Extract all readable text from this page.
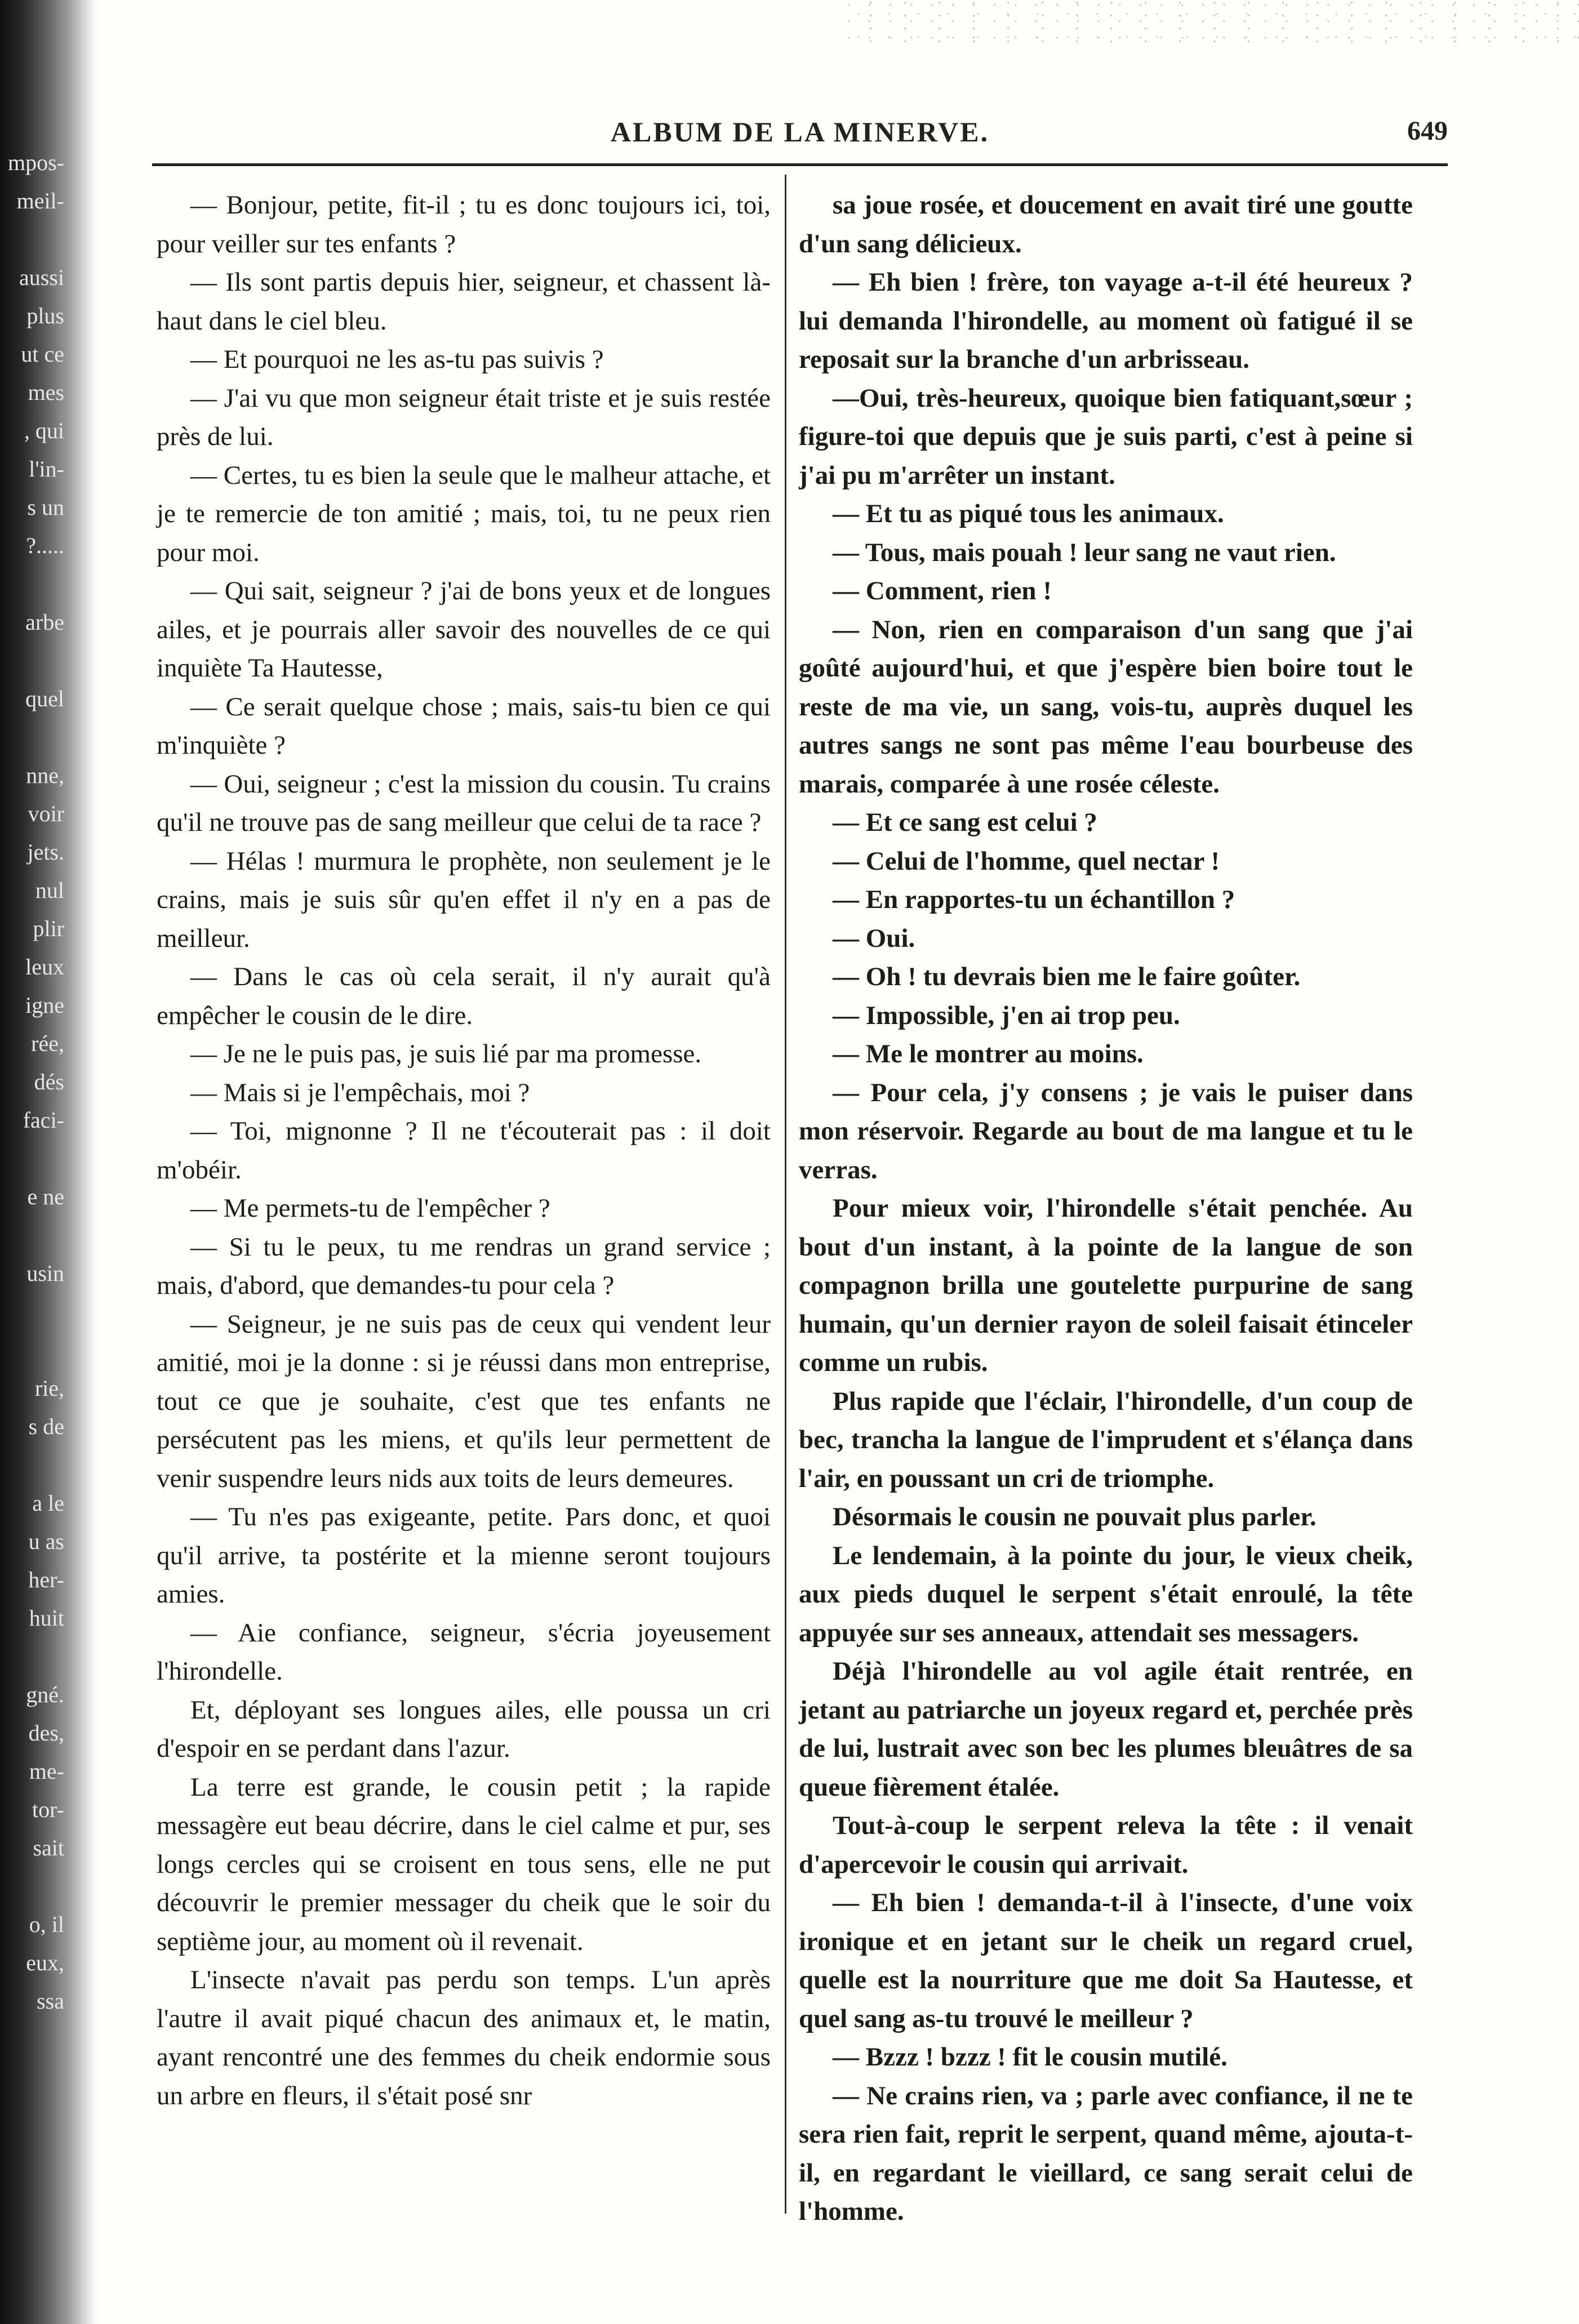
mpos-
meil-
aussi
plus
ut ce
mes
, qui
l'in-
s un
?.....
arbe
quel
nne,
voir
jets.
nul
plir
leux
igne
rée,
dés
faci-
e ne
usin
rie,
s de
a le
u as
her-
huit
gné.
des,
me-
tor-
sait
o, il
eux,
ssa
ALBUM DE LA MINERVE.	649

— Bonjour, petite, fit-il ; tu es donc toujours ici, toi, pour veiller sur tes enfants ?

— Ils sont partis depuis hier, seigneur, et chassent là-haut dans le ciel bleu.

— Et pourquoi ne les as-tu pas suivis ?

— J'ai vu que mon seigneur était triste et je suis restée près de lui.

— Certes, tu es bien la seule que le malheur attache, et je te remercie de ton amitié ; mais, toi, tu ne peux rien pour moi.

— Qui sait, seigneur ? j'ai de bons yeux et de longues ailes, et je pourrais aller savoir des nouvelles de ce qui inquiète Ta Hautesse,

— Ce serait quelque chose ; mais, sais-tu bien ce qui m'inquiète ?

— Oui, seigneur ; c'est la mission du cousin. Tu crains qu'il ne trouve pas de sang meilleur que celui de ta race ?

— Hélas ! murmura le prophète, non seulement je le crains, mais je suis sûr qu'en effet il n'y en a pas de meilleur.

— Dans le cas où cela serait, il n'y aurait qu'à empêcher le cousin de le dire.

— Je ne le puis pas, je suis lié par ma promesse.

— Mais si je l'empêchais, moi ?

— Toi, mignonne ? Il ne t'écouterait pas : il doit m'obéir.

— Me permets-tu de l'empêcher ?

— Si tu le peux, tu me rendras un grand service ; mais, d'abord, que demandes-tu pour cela ?

— Seigneur, je ne suis pas de ceux qui vendent leur amitié, moi je la donne : si je réussi dans mon entreprise, tout ce que je souhaite, c'est que tes enfants ne persécutent pas les miens, et qu'ils leur permettent de venir suspendre leurs nids aux toits de leurs demeures.

— Tu n'es pas exigeante, petite. Pars donc, et quoi qu'il arrive, ta postérite et la mienne seront toujours amies.

— Aie confiance, seigneur, s'écria joyeusement l'hirondelle.

Et, déployant ses longues ailes, elle poussa un cri d'espoir en se perdant dans l'azur.

La terre est grande, le cousin petit ; la rapide messagère eut beau décrire, dans le ciel calme et pur, ses longs cercles qui se croisent en tous sens, elle ne put découvrir le premier messager du cheik que le soir du septième jour, au moment où il revenait.

L'insecte n'avait pas perdu son temps. L'un après l'autre il avait piqué chacun des animaux et, le matin, ayant rencontré une des femmes du cheik endormie sous un arbre en fleurs, il s'était posé snr

sa joue rosée, et doucement en avait tiré une goutte d'un sang délicieux.

— Eh bien ! frère, ton vayage a-t-il été heureux ? lui demanda l'hirondelle, au moment où fatigué il se reposait sur la branche d'un arbrisseau.

—Oui, très-heureux, quoique bien fatiquant,sœur ; figure-toi que depuis que je suis parti, c'est à peine si j'ai pu m'arrêter un instant.

— Et tu as piqué tous les animaux.

— Tous, mais pouah ! leur sang ne vaut rien.

— Comment, rien !

— Non, rien en comparaison d'un sang que j'ai goûté aujourd'hui, et que j'espère bien boire tout le reste de ma vie, un sang, vois-tu, auprès duquel les autres sangs ne sont pas même l'eau bourbeuse des marais, comparée à une rosée céleste.

— Et ce sang est celui ?

— Celui de l'homme, quel nectar !

— En rapportes-tu un échantillon ?

— Oui.

— Oh ! tu devrais bien me le faire goûter.

— Impossible, j'en ai trop peu.

— Me le montrer au moins.

— Pour cela, j'y consens ; je vais le puiser dans mon réservoir. Regarde au bout de ma langue et tu le verras.

Pour mieux voir, l'hirondelle s'était penchée. Au bout d'un instant, à la pointe de la langue de son compagnon brilla une goutelette purpurine de sang humain, qu'un dernier rayon de soleil faisait étinceler comme un rubis.

Plus rapide que l'éclair, l'hirondelle, d'un coup de bec, trancha la langue de l'imprudent et s'élança dans l'air, en poussant un cri de triomphe.

Désormais le cousin ne pouvait plus parler.

Le lendemain, à la pointe du jour, le vieux cheik, aux pieds duquel le serpent s'était enroulé, la tête appuyée sur ses anneaux, attendait ses messagers.

Déjà l'hirondelle au vol agile était rentrée, en jetant au patriarche un joyeux regard et, perchée près de lui, lustrait avec son bec les plumes bleuâtres de sa queue fièrement étalée.

Tout-à-coup le serpent releva la tête : il venait d'apercevoir le cousin qui arrivait.

— Eh bien ! demanda-t-il à l'insecte, d'une voix ironique et en jetant sur le cheik un regard cruel, quelle est la nourriture que me doit Sa Hautesse, et quel sang as-tu trouvé le meilleur ?

— Bzzz ! bzzz ! fit le cousin mutilé.

— Ne crains rien, va ; parle avec confiance, il ne te sera rien fait, reprit le serpent, quand même, ajouta-t-il, en regardant le vieillard, ce sang serait celui de l'homme.
